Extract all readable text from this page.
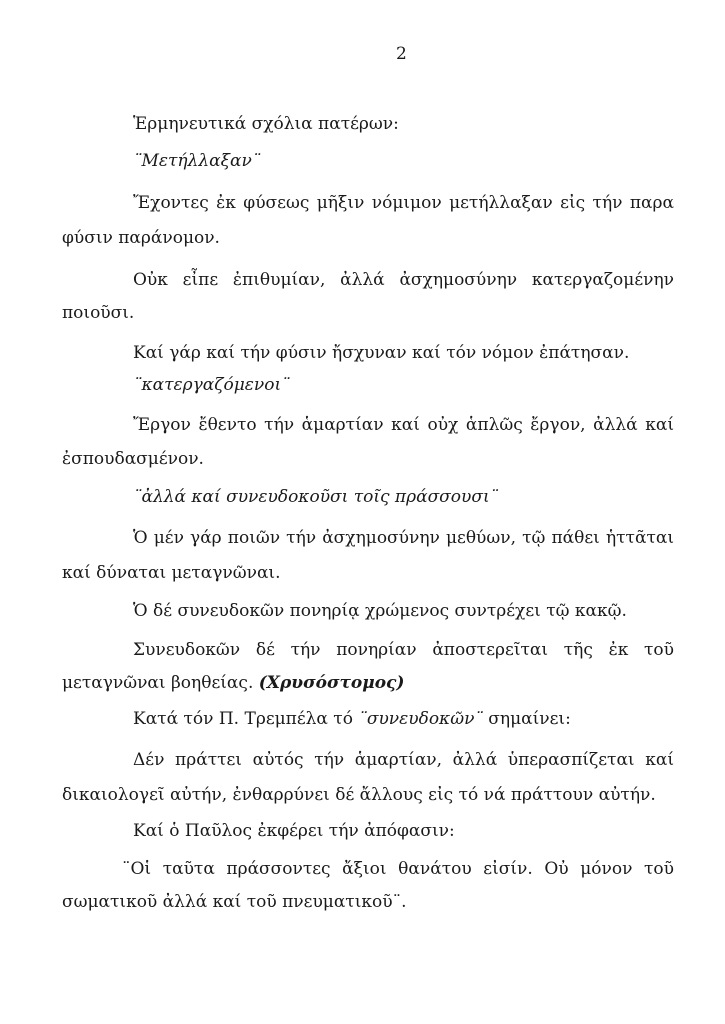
2
Ἑρμηνευτικά σχόλια πατέρων:
¨Μετήλλαξαν¨
Ἔχοντες ἐκ φύσεως μῆξιν νόμιμον μετήλλαξαν εἰς τήν παρα
φύσιν παράνομον.
Οὐκ εἶπε ἐπιθυμίαν, ἀλλά ἀσχημοσύνην κατεργαζομένην
ποιοῦσι.
Καί γάρ καί τήν φύσιν ἤσχυναν καί τόν νόμον ἐπάτησαν.
¨κατεργαζόμενοι¨
Ἔργον ἔθεντο τήν ἁμαρτίαν καί οὐχ ἁπλῶς ἔργον, ἀλλά καί
ἐσπουδασμένον.
¨ἀλλά καί συνευδοκοῦσι τοῖς πράσσουσι¨
Ὁ μέν γάρ ποιῶν τήν ἀσχημοσύνην μεθύων, τῷ πάθει ἡττᾶται
καί δύναται μεταγνῶναι.
Ὁ δέ συνευδοκῶν πονηρίᾳ χρώμενος συντρέχει τῷ κακῷ.
Συνευδοκῶν δέ τήν πονηρίαν ἀποστερεῖται τῆς ἐκ τοῦ
μεταγνῶναι βοηθείας. (Χρυσόστομος)
Κατά τόν Π. Τρεμπέλα τό ¨συνευδοκῶν¨ σημαίνει:
Δέν πράττει αὐτός τήν ἁμαρτίαν, ἀλλά ὑπερασπίζεται καί
δικαιολογεῖ αὐτήν, ἐνθαρρύνει δέ ἄλλους εἰς τό νά πράττουν αὐτήν.
Καί ὁ Παῦλος ἐκφέρει τήν ἀπόφασιν:
¨Οἱ ταῦτα πράσσοντες ἄξιοι θανάτου εἰσίν. Οὐ μόνον τοῦ
σωματικοῦ ἀλλά καί τοῦ πνευματικοῦ¨.
